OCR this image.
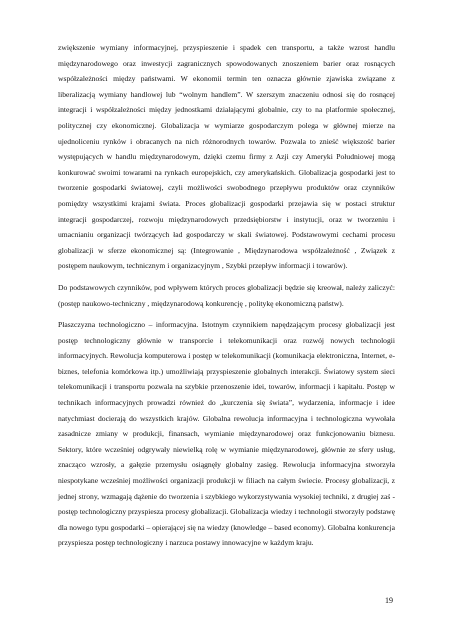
zwiększenie wymiany informacyjnej, przyspieszenie i spadek cen transportu, a także wzrost handlu międzynarodowego oraz inwestycji zagranicznych spowodowanych znoszeniem barier oraz rosnących współzależności między państwami. W ekonomii termin ten oznacza głównie zjawiska związane z liberalizacją wymiany handlowej lub “wolnym handlem”. W szerszym znaczeniu odnosi się do rosnącej integracji i współzależności między jednostkami działającymi globalnie, czy to na platformie społecznej, politycznej czy ekonomicznej. Globalizacja w wymiarze gospodarczym polega w głównej mierze na ujednoliceniu rynków i obracanych na nich różnorodnych towarów. Pozwala to znieść większość barier występujących w handlu międzynarodowym, dzięki czemu firmy z Azji czy Ameryki Południowej mogą konkurować swoimi towarami na rynkach europejskich, czy amerykańskich. Globalizacja gospodarki jest to tworzenie gospodarki światowej, czyli możliwości swobodnego przepływu produktów oraz czynników pomiędzy wszystkimi krajami świata. Proces globalizacji gospodarki przejawia się w postaci struktur integracji gospodarczej, rozwoju międzynarodowych przedsiębiorstw i instytucji, oraz w tworzeniu i umacnianiu organizacji twórzących ład gospodarczy w skali światowej. Podstawowymi cechami procesu globalizacji w sferze ekonomicznej są: (Integrowanie , Międzynarodowa współzależność , Związek z postępem naukowym, technicznym i organizacyjnym , Szybki przepływ informacji i towarów).

Do podstawowych czynników, pod wpływem których proces globalizacji będzie się kreował, należy zaliczyć: (postęp naukowo-techniczny , międzynarodową konkurencję , politykę ekonomiczną państw).

Płaszczyzna technologiczno – informacyjna. Istotnym czynnikiem napędzającym procesy globalizacji jest postęp technologiczny głównie w transporcie i telekomunikacji oraz rozwój nowych technologii informacyjnych. Rewolucja komputerowa i postęp w telekomunikacji (komunikacja elektroniczna, Internet, e-biznes, telefonia komórkowa itp.) umożliwiają przyspieszenie globalnych interakcji. Światowy system sieci telekomunikacji i transportu pozwala na szybkie przenoszenie idei, towarów, informacji i kapitału. Postęp w technikach informacyjnych prowadzi również do „kurczenia się świata”, wydarzenia, informacje i idee natychmiast docierają do wszystkich krajów. Globalna rewolucja informacyjna i technologiczna wywołała zasadnicze zmiany w produkcji, finansach, wymianie międzynarodowej oraz funkcjonowaniu biznesu. Sektory, które wcześniej odgrywały niewielką rolę w wymianie międzynarodowej, głównie ze sfery usług, znacząco wzrosły, a gałęzie przemysłu osiągnęły globalny zasięg. Rewolucja informacyjna stworzyła niespotykane wcześniej możliwości organizacji produkcji w filiach na całym świecie. Procesy globalizacji, z jednej strony, wzmagają dążenie do tworzenia i szybkiego wykorzystywania wysokiej techniki, z drugiej zaś - postęp technologiczny przyspiesza procesy globalizacji. Globalizacja wiedzy i technologii stworzyły podstawę dla nowego typu gospodarki – opierającej się na wiedzy (knowledge – based economy). Globalna konkurencja przyspiesza postęp technologiczny i narzuca postawy innowacyjne w każdym kraju.

19
